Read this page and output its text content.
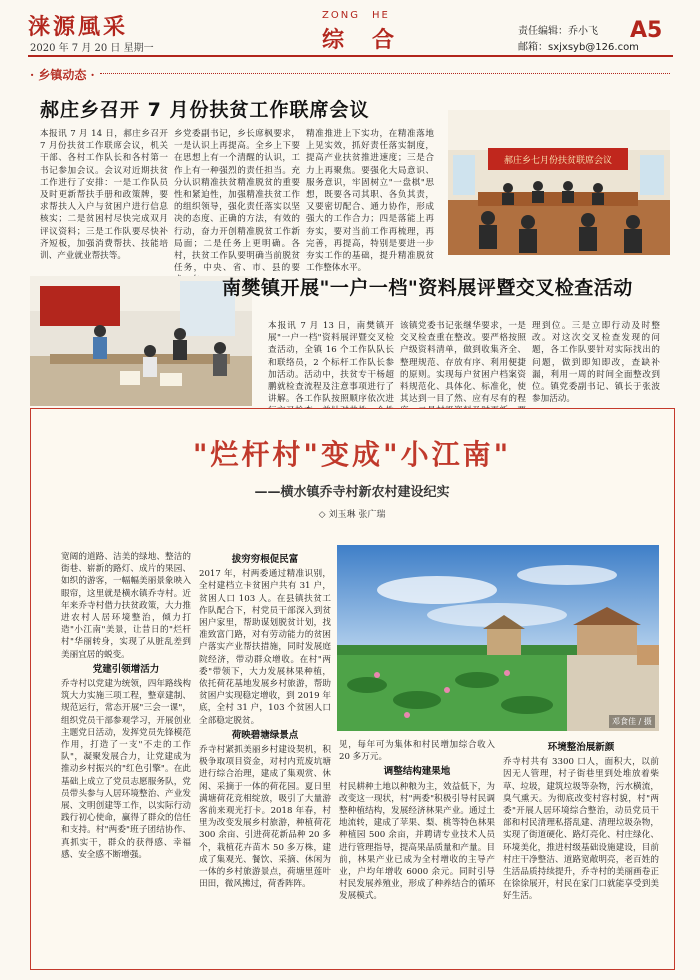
涞源風采
2020 年 7 月 20 日 星期一
ZONG HE
综 合	责任编辑：乔小飞
邮箱：sxjxsyb@126.com
A5
· 乡镇动态 ·
郝庄乡召开 7 月份扶贫工作联席会议
本报讯 7 月 14 日，郝庄乡召开 7 月份扶贫工作联席会议，机关干部、各村工作队长和各村第一书记参加会议。会议对近期扶贫工作进行了安排：一是工作队员及时更新帮扶手册和政策牌，要求帮扶人入户与贫困户进行信息核实；二是贫困村尽快完成双月评议资料；三是工作队要尽快补齐短板，加强消费帮扶、技能培训、产业就业帮扶等。
乡党委副书记，乡长席枫要求，一是认识上再提高。全乡上下要在思想上有一个清醒的认识，工作上有一种强烈的责任担当。充分认识精准扶贫精准脱贫的重要性和紧迫性，加强精准扶贫工作的组织领导，强化责任落实以坚决的态度、正确的方法，有效的行动，奋力开创精准脱贫工作新局面；二是任务上更明确。各村，扶贫工作队要明确当前脱贫任务，中央、省、市、县的要
精准推进上下实功，在精准落地上见实效，抓好责任落实制度，提高产业扶贫推进速度；三是合力上再聚焦。要强化大局意识、服务意识，牢固树立"一盘棋"思想，既要各司其职、各负其责，又要密切配合、通力协作，形成强大的工作合力；四是落能上再夯实，要对当前工作再梳理，再完善，再提高，特别是要进一步夯实工作的基础，提升精准脱贫工作整体水平。
郝庄乡七月份扶贫联席会议
南樊镇开展"一户一档"资料展评暨交叉检查活动
本报讯 7 月 13 日，南樊镇开展"一户一档"资料展评暨交叉检查活动，全镇 16 个工作队队长和联络员，2 个标杆工作队长参加活动。活动中，扶贫专干杨超鹏就检查流程及注意事项进行了讲解。各工作队按照顺序依次进
该镇党委书记张继华要求，一是交叉检查重在整改。要严格按照户级资料清单，做到收集齐全、整理规范、存放有序、利用便捷的原则。实现每户贫困户档案资料规范化、具体化、标准化，使其达到一目了然、应有尽有的程
理到位。三是立即行动及时整改。对这次交叉检查发现的问题，各工作队要针对实际找出的问题，做到即知即改，查缺补漏，利用一周的时间全面整改到位。镇党委副书记、镇长于张波参加活动。
"烂杆村"变成"小江南"
——横水镇乔寺村新农村建设纪实
◇ 刘玉琳 张广瑞
宽阔的道路、洁美的绿地、整洁的街巷、崭新的路灯、成片的果园、如织的游客，一幅幅美丽景象映入眼帘，这里就是横水镇乔寺村。近年来乔寺村借力扶贫政策，大力推进农村人居环境整治，倾力打造"小江南"美景，让昔日的"烂杆村"华丽转身，实现了从脏乱差到美丽宜居的蜕变。
党建引领增活力
乔寺村以党建为统领，四年路线构筑大力实施三项工程，整章建制、规范运行，常态开展"三会一课"，组织党员干部参观学习，开展创业主题党日活动，发挥党员先锋模范作用，打造了一支"不走的工作队"，凝聚发展合力，让党建成为推动乡村振兴的"红色引擎"。在此基础上成立了党员志愿服务队，党员带头参与人居环境整治、产业发展、文明创建等工作，以实际行动践行初心使命，赢得了群众的信任和支持。村"两委"班子团结协作、真抓实干，群众的获得感、幸福感、安全感不断增强。
拔穷穷根促民富
2017 年，村两委通过精准识别，全村建档立卡贫困户共有 31 户，贫困人口 103 人。在县镇扶贫工作队配合下，村党员干部深入到贫困户家里，帮助谋划脱贫计划，找准致富门路，对有劳动能力的贫困户落实产业帮扶措施，同时发展庭院经济，带动群众增收。在村"两委"带领下，大力发展林果种植，依托荷花基地发展乡村旅游，帮助贫困户实现稳定增收，到 2019 年底，全村 31 户，103 个贫困人口全部稳定脱贫。
荷映碧塘绿景点
乔寺村紧抓美丽乡村建设契机，积极争取项目资金，对村内荒废坑塘进行综合治理，建成了集观赏、休闲、采摘于一体的荷花园。夏日里满塘荷花竞相绽放，吸引了大量游客前来观光打卡。2018 年春，村里为改变发展乡村旅游，种植荷花 300 余亩、引进荷花新品种 20 多个，栽植花卉苗木 50 多万株，建成了集观光、餐饮、采摘、休闲为一体的乡村旅游景点，荷塘里莲叶田田，微风拂过，荷香阵阵。
邓食佳 / 摄
见，每年可为集体和村民增加综合收入 20 多万元。
调整结构建果地
村民耕种土地以种粮为主，效益低下，为改变这一现状，村"两委"积极引导村民调整种植结构，发展经济林果产业。通过土地流转，建成了苹果、梨、桃等特色林果种植园 500 余亩，并聘请专业技术人员进行管理指导，提高果品质量和产量。目前，林果产业已成为全村增收的主导产业，户均年增收 6000 余元。同时引导村民发展养殖业，形成了种养结合的循环发展模式。
环境整治展新颜
乔寺村共有 3300 口人，面积大，以前因无人管理，村子街巷里到处堆放着柴草、垃圾，建筑垃圾等杂物，污水横流，臭气熏天。为彻底改变村容村貌，村"两委"开展人居环境综合整治，动员党员干部和村民清理私搭乱建、清理垃圾杂物，实现了街道硬化、路灯亮化、村庄绿化、环境美化，推进村级基础设施建设，目前村庄干净整洁、道路宽敞明亮，老百姓的生活品质持续提升，乔寺村的美丽画卷正在徐徐展开，村民在家门口就能享受到美好生活。
